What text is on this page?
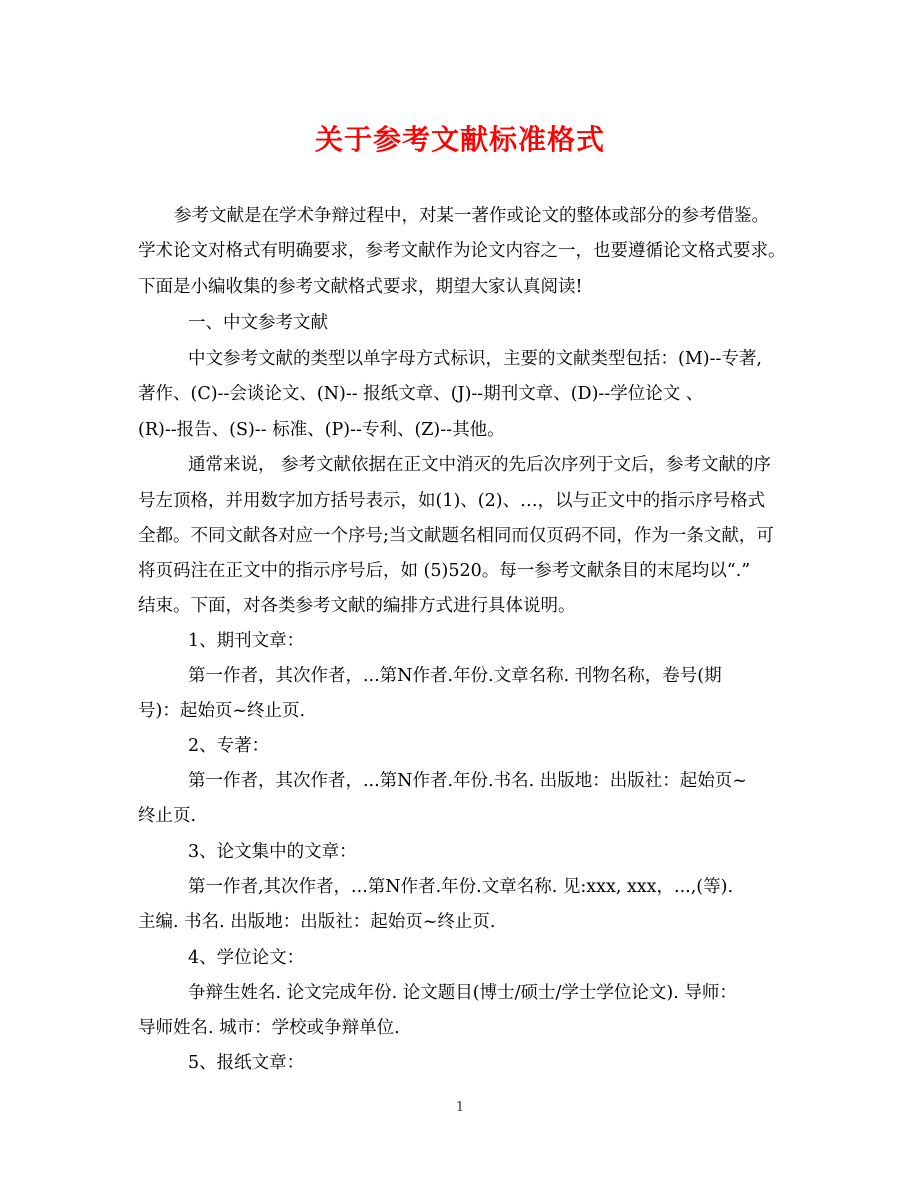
关于参考文献标准格式
参考文献是在学术争辩过程中，对某一著作或论文的整体或部分的参考借鉴。
学术论文对格式有明确要求，参考文献作为论文内容之一，也要遵循论文格式要求。
下面是小编收集的参考文献格式要求，期望大家认真阅读!
一、中文参考文献
中文参考文献的类型以单字母方式标识，主要的文献类型包括：(M)--专著,
著作、(C)--会谈论文、(N)-- 报纸文章、(J)--期刊文章、(D)--学位论文 、
(R)--报告、(S)-- 标准、(P)--专利、(Z)--其他。
通常来说， 参考文献依据在正文中消灭的先后次序列于文后，参考文献的序
号左顶格，并用数字加方括号表示，如(1)、(2)、…，以与正文中的指示序号格式
全都。不同文献各对应一个序号;当文献题名相同而仅页码不同，作为一条文献，可
将页码注在正文中的指示序号后，如 (5)520。每一参考文献条目的末尾均以“.”
结束。下面，对各类参考文献的编排方式进行具体说明。
1、期刊文章：
第一作者，其次作者，...第N作者.年份.文章名称. 刊物名称，卷号(期
号)：起始页~终止页.
2、专著：
第一作者，其次作者，...第N作者.年份.书名. 出版地：出版社：起始页~
终止页.
3、论文集中的文章：
第一作者,其次作者，...第N作者.年份.文章名称. 见:xxx, xxx，...,(等).
主编. 书名. 出版地：出版社：起始页~终止页.
4、学位论文：
争辩生姓名. 论文完成年份. 论文题目(博士/硕士/学士学位论文). 导师：
导师姓名. 城市：学校或争辩单位.
5、报纸文章：
1
